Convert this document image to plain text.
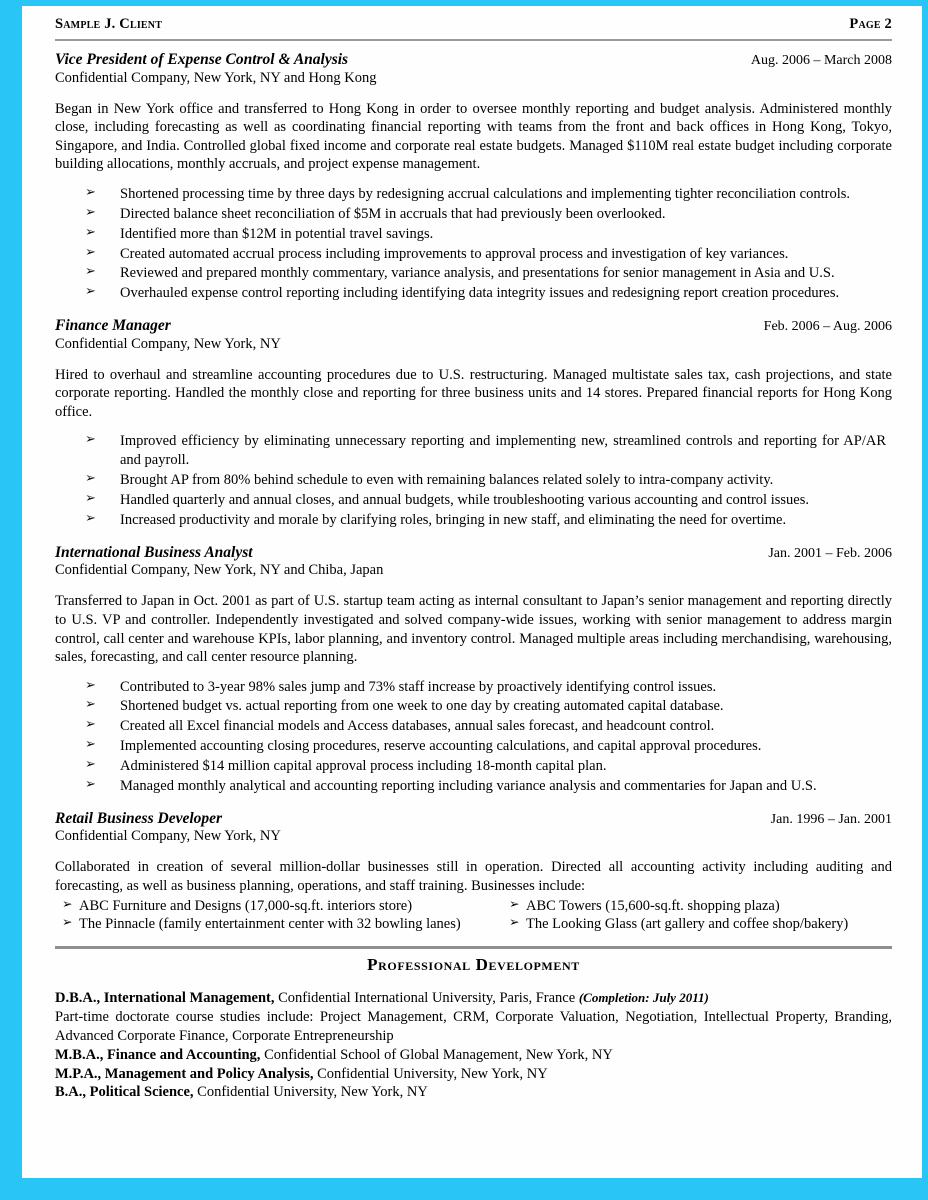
Sample J. Client	Page 2
Vice President of Expense Control & Analysis	Aug. 2006 – March 2008
Confidential Company, New York, NY and Hong Kong
Began in New York office and transferred to Hong Kong in order to oversee monthly reporting and budget analysis. Administered monthly close, including forecasting as well as coordinating financial reporting with teams from the front and back offices in Hong Kong, Tokyo, Singapore, and India. Controlled global fixed income and corporate real estate budgets. Managed $110M real estate budget including corporate building allocations, monthly accruals, and project expense management.
➢ Shortened processing time by three days by redesigning accrual calculations and implementing tighter reconciliation controls.
➢ Directed balance sheet reconciliation of $5M in accruals that had previously been overlooked.
➢ Identified more than $12M in potential travel savings.
➢ Created automated accrual process including improvements to approval process and investigation of key variances.
➢ Reviewed and prepared monthly commentary, variance analysis, and presentations for senior management in Asia and U.S.
➢ Overhauled expense control reporting including identifying data integrity issues and redesigning report creation procedures.
Finance Manager	Feb. 2006 – Aug. 2006
Confidential Company, New York, NY
Hired to overhaul and streamline accounting procedures due to U.S. restructuring. Managed multistate sales tax, cash projections, and state corporate reporting. Handled the monthly close and reporting for three business units and 14 stores. Prepared financial reports for Hong Kong office.
➢ Improved efficiency by eliminating unnecessary reporting and implementing new, streamlined controls and reporting for AP/AR and payroll.
➢ Brought AP from 80% behind schedule to even with remaining balances related solely to intra-company activity.
➢ Handled quarterly and annual closes, and annual budgets, while troubleshooting various accounting and control issues.
➢ Increased productivity and morale by clarifying roles, bringing in new staff, and eliminating the need for overtime.
International Business Analyst	Jan. 2001 – Feb. 2006
Confidential Company, New York, NY and Chiba, Japan
Transferred to Japan in Oct. 2001 as part of U.S. startup team acting as internal consultant to Japan’s senior management and reporting directly to U.S. VP and controller. Independently investigated and solved company-wide issues, working with senior management to address margin control, call center and warehouse KPIs, labor planning, and inventory control. Managed multiple areas including merchandising, warehousing, sales, forecasting, and call center resource planning.
➢ Contributed to 3-year 98% sales jump and 73% staff increase by proactively identifying control issues.
➢ Shortened budget vs. actual reporting from one week to one day by creating automated capital database.
➢ Created all Excel financial models and Access databases, annual sales forecast, and headcount control.
➢ Implemented accounting closing procedures, reserve accounting calculations, and capital approval procedures.
➢ Administered $14 million capital approval process including 18-month capital plan.
➢ Managed monthly analytical and accounting reporting including variance analysis and commentaries for Japan and U.S.
Retail Business Developer	Jan. 1996 – Jan. 2001
Confidential Company, New York, NY
Collaborated in creation of several million-dollar businesses still in operation. Directed all accounting activity including auditing and forecasting, as well as business planning, operations, and staff training. Businesses include:
➢ ABC Furniture and Designs (17,000-sq.ft. interiors store)	➢ ABC Towers (15,600-sq.ft. shopping plaza)
➢ The Pinnacle (family entertainment center with 32 bowling lanes)	➢ The Looking Glass (art gallery and coffee shop/bakery)
Professional Development
D.B.A., International Management, Confidential International University, Paris, France (Completion: July 2011)
Part-time doctorate course studies include: Project Management, CRM, Corporate Valuation, Negotiation, Intellectual Property, Branding, Advanced Corporate Finance, Corporate Entrepreneurship
M.B.A., Finance and Accounting, Confidential School of Global Management, New York, NY
M.P.A., Management and Policy Analysis, Confidential University, New York, NY
B.A., Political Science, Confidential University, New York, NY
